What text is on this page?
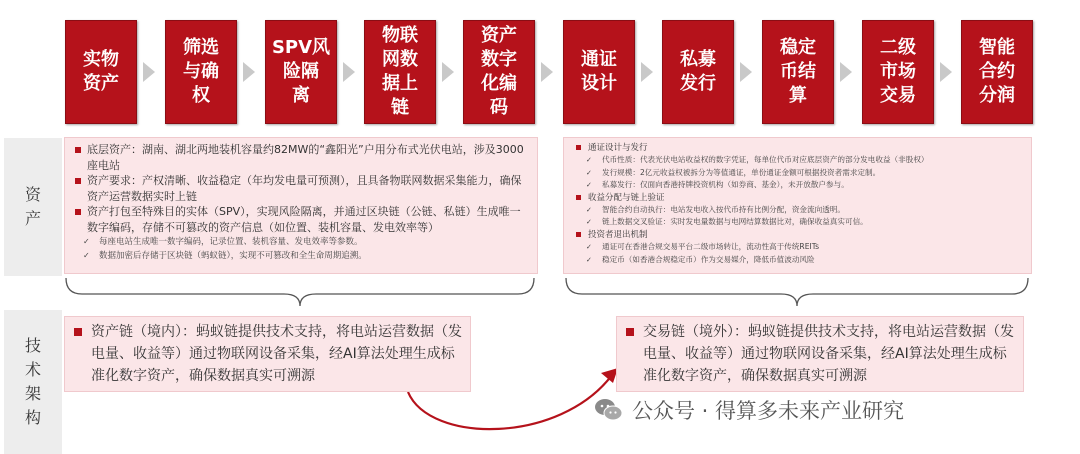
实物
资产
筛选
与确
权
SPV风
险隔
离
物联
网数
据上
链
资产
数字
化编
码
通证
设计
私募
发行
稳定
币结
算
二级
市场
交易
智能
合约
分润
资
产
技
术
架
构
底层资产：湖南、湖北两地装机容量约82MW的“鑫阳光”户用分布式光伏电站，涉及3000座电站
资产要求：产权清晰、收益稳定（年均发电量可预测），且具备物联网数据采集能力，确保资产运营数据实时上链
资产打包至特殊目的实体（SPV），实现风险隔离，并通过区块链（公链、私链）生成唯一数字编码，存储不可篡改的资产信息（如位置、装机容量、发电效率等）
✓ 每座电站生成唯一数字编码，记录位置、装机容量、发电效率等参数。
✓ 数据加密后存储于区块链（蚂蚁链），实现不可篡改和全生命周期追溯。
通证设计与发行
✓ 代币性质：代表光伏电站收益权的数字凭证，每单位代币对应底层资产的部分发电收益（非股权）
✓ 发行规模：2亿元收益权被拆分为等值通证，单份通证金额可根据投资者需求定制。
✓ 私募发行：仅面向香港持牌投资机构（如券商、基金），未开放散户参与。
收益分配与链上验证
✓ 智能合约自动执行：电站发电收入按代币持有比例分配，资金流向透明。
✓ 链上数据交叉验证：实时发电量数据与电网结算数据比对，确保收益真实可信。
投资者退出机制
✓ 通证可在香港合规交易平台二级市场转让，流动性高于传统REITs
✓ 稳定币（如香港合规稳定币）作为交易媒介，降低币值波动风险
资产链（境内）：蚂蚁链提供技术支持，将电站运营数据（发电量、收益等）通过物联网设备采集，经AI算法处理生成标准化数字资产，确保数据真实可溯源
交易链（境外）：蚂蚁链提供技术支持，将电站运营数据（发电量、收益等）通过物联网设备采集，经AI算法处理生成标准化数字资产，确保数据真实可溯源
公众号 · 得算多未来产业研究
